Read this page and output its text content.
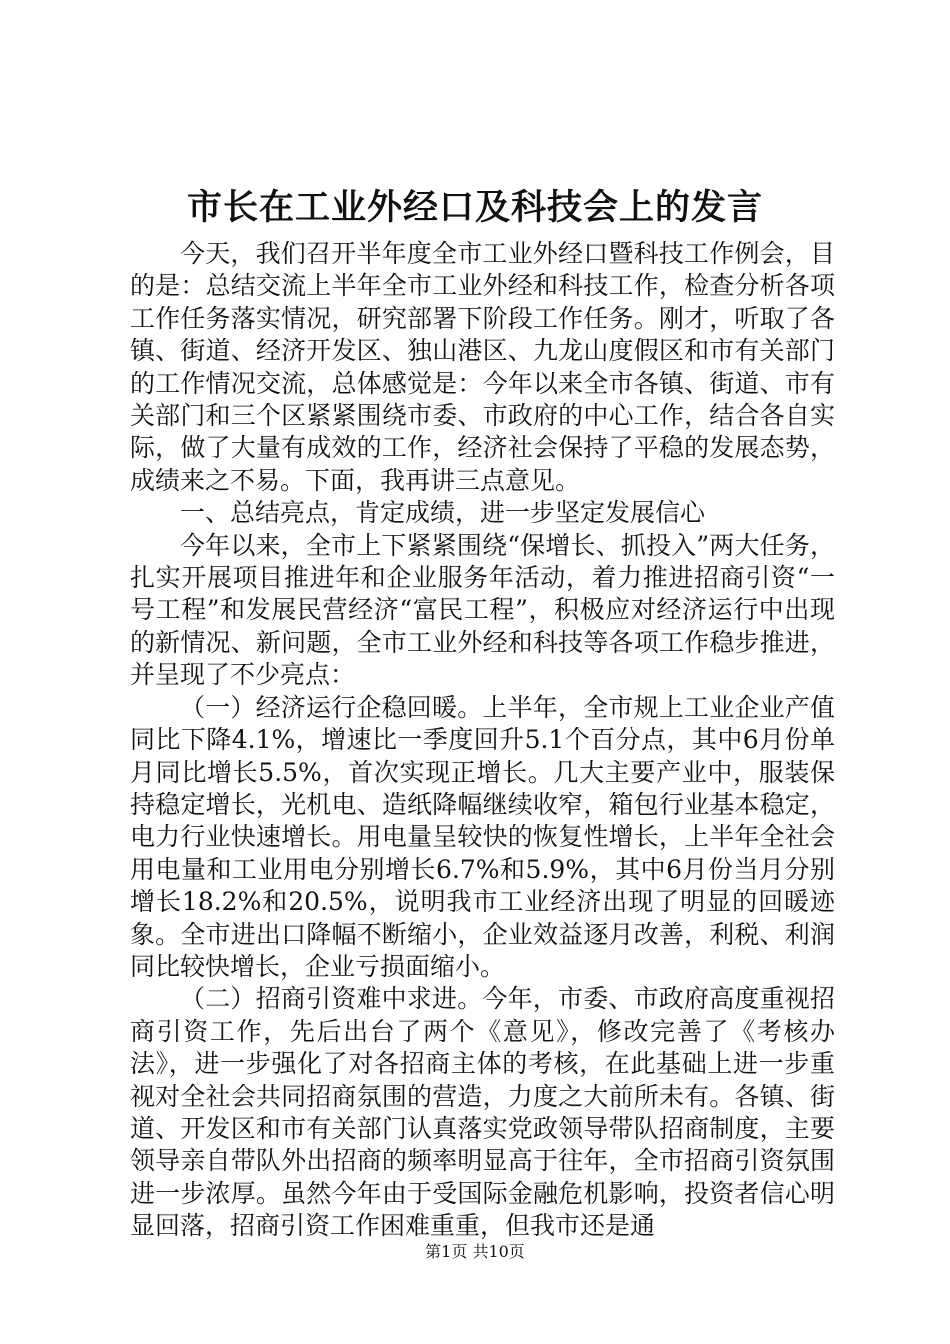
市长在工业外经口及科技会上的发言

今天，我们召开半年度全市工业外经口暨科技工作例会，目的是：总结交流上半年全市工业外经和科技工作，检查分析各项工作任务落实情况，研究部署下阶段工作任务。刚才，听取了各镇、街道、经济开发区、独山港区、九龙山度假区和市有关部门的工作情况交流，总体感觉是：今年以来全市各镇、街道、市有关部门和三个区紧紧围绕市委、市政府的中心工作，结合各自实际，做了大量有成效的工作，经济社会保持了平稳的发展态势，成绩来之不易。下面，我再讲三点意见。

一、总结亮点，肯定成绩，进一步坚定发展信心

今年以来，全市上下紧紧围绕“保增长、抓投入”两大任务，扎实开展项目推进年和企业服务年活动，着力推进招商引资“一号工程”和发展民营经济“富民工程”，积极应对经济运行中出现的新情况、新问题，全市工业外经和科技等各项工作稳步推进，并呈现了不少亮点：

（一）经济运行企稳回暖。上半年，全市规上工业企业产值同比下降4.1%，增速比一季度回升5.1个百分点，其中6月份单月同比增长5.5%，首次实现正增长。几大主要产业中，服装保持稳定增长，光机电、造纸降幅继续收窄，箱包行业基本稳定，电力行业快速增长。用电量呈较快的恢复性增长，上半年全社会用电量和工业用电分别增长6.7%和5.9%，其中6月份当月分别增长18.2%和20.5%，说明我市工业经济出现了明显的回暖迹象。全市进出口降幅不断缩小，企业效益逐月改善，利税、利润同比较快增长，企业亏损面缩小。

（二）招商引资难中求进。今年，市委、市政府高度重视招商引资工作，先后出台了两个《意见》，修改完善了《考核办法》，进一步强化了对各招商主体的考核，在此基础上进一步重视对全社会共同招商氛围的营造，力度之大前所未有。各镇、街道、开发区和市有关部门认真落实党政领导带队招商制度，主要领导亲自带队外出招商的频率明显高于往年，全市招商引资氛围进一步浓厚。虽然今年由于受国际金融危机影响，投资者信心明显回落，招商引资工作困难重重，但我市还是通

第1页 共10页
